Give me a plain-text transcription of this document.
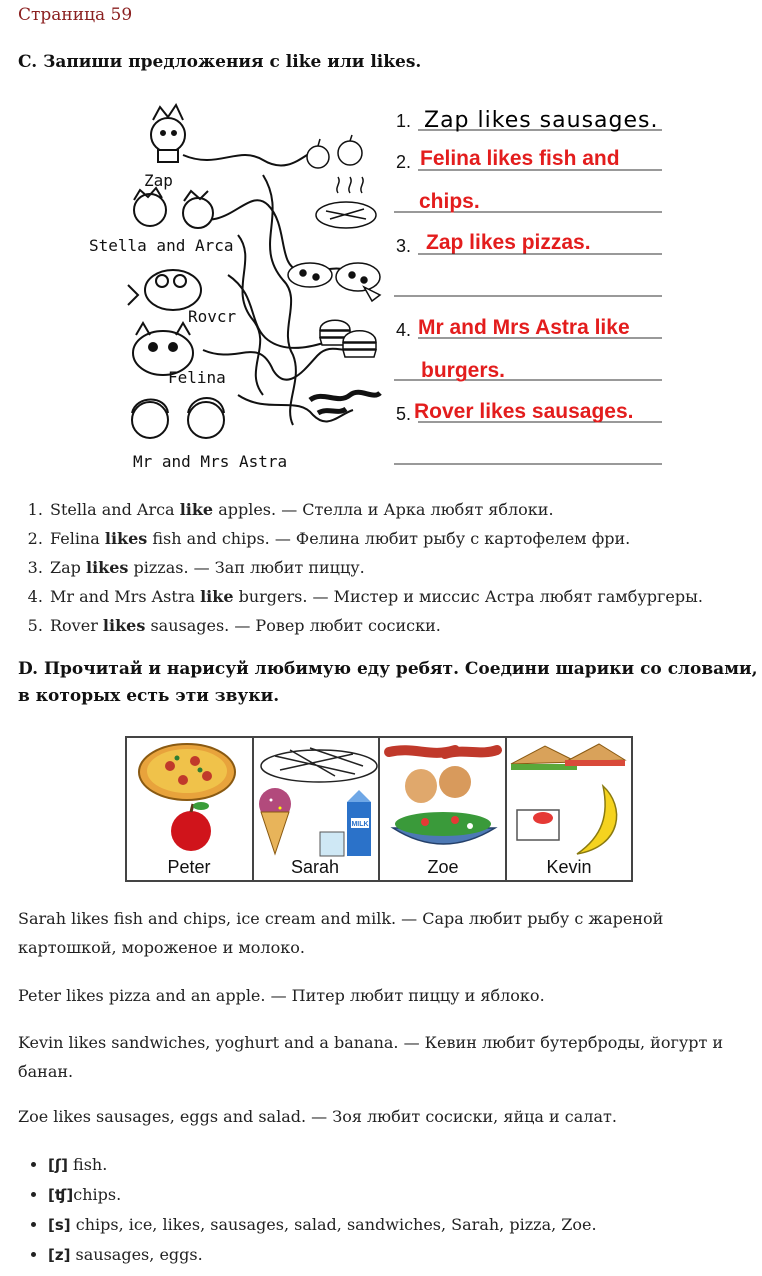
Страница 59
C. Запиши предложения с like или likes.
Zap
Stella and Arca
Rovcr
Felina
Mr and Mrs Astra
1.
2.
3.
4.
5.
Zap likes sausages.
Felina likes fish and
chips.
Zap likes pizzas.
Mr and Mrs Astra like
burgers.
Rover likes sausages.
1. Stella and Arca like apples. — Стелла и Арка любят яблоки.
2. Felina likes fish and chips. — Фелина любит рыбу с картофелем фри.
3. Zap likes pizzas. — Зап любит пиццу.
4. Mr and Mrs Astra like burgers. — Мистер и миссис Астра любят гамбургеры.
5. Rover likes sausages. — Ровер любит сосиски.
D. Прочитай и нарисуй любимую еду ребят. Соедини шарики со словами,
в которых есть эти звуки.
Peter
MILK
Sarah	Zoe	Kevin

Sarah likes fish and chips, ice cream and milk. — Сара любит рыбу с жареной картошкой, мороженое и молоко.

Peter likes pizza and an apple. — Питер любит пиццу и яблоко.

Kevin likes sandwiches, yoghurt and a banana. — Кевин любит бутерброды, йогурт и банан.

Zoe likes sausages, eggs and salad. — Зоя любит сосиски, яйца и салат.

• [ʃ] fish.
• [ʧ]chips.
• [s] chips, ice, likes, sausages, salad, sandwiches, Sarah, pizza, Zoe.
• [z] sausages, eggs.
